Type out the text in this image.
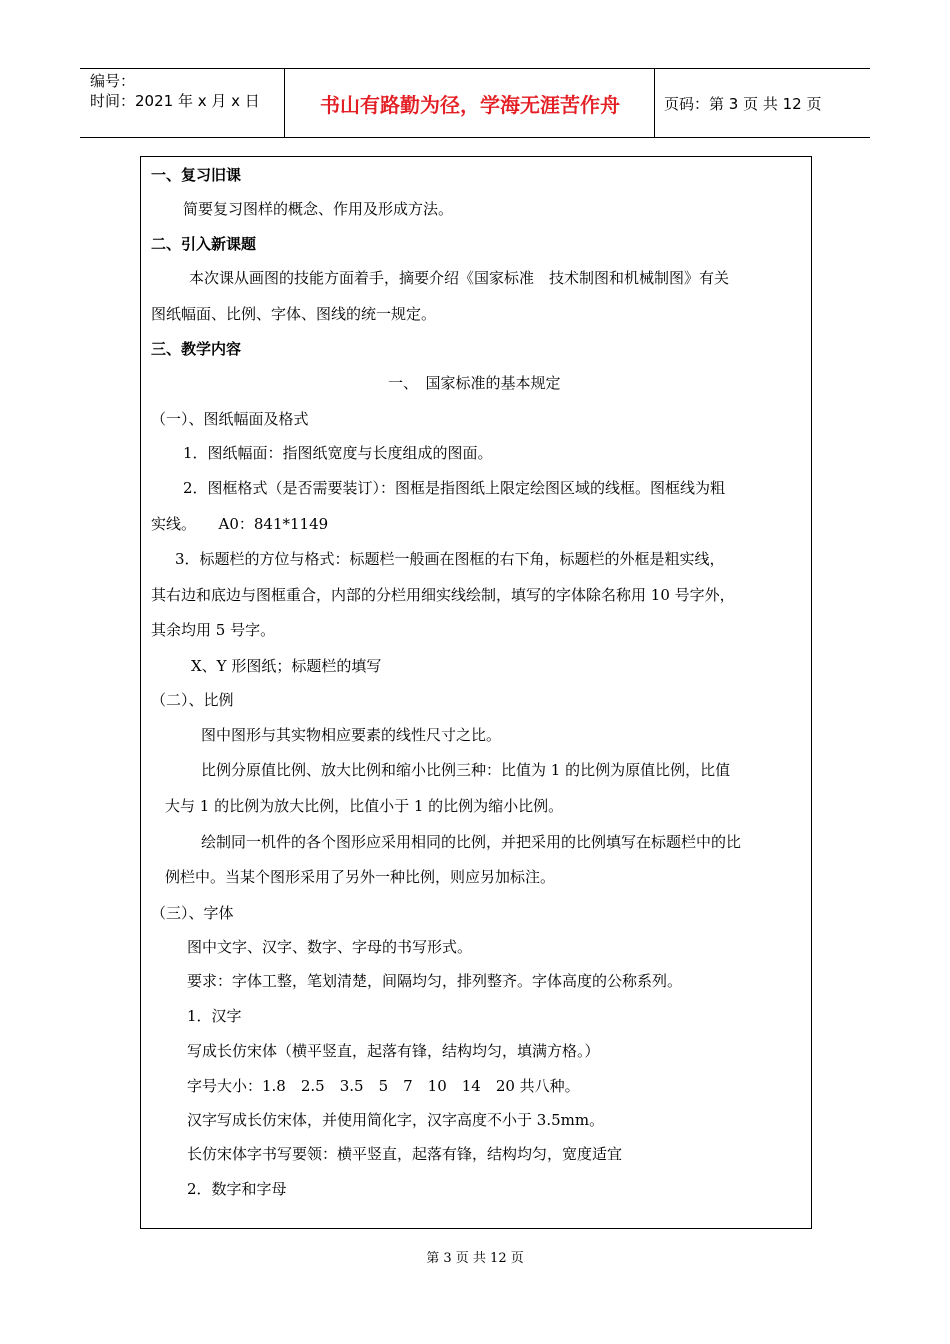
编号：
时间：2021 年 x 月 x 日	书山有路勤为径，学海无涯苦作舟	页码：第 3 页 共 12 页
一、复习旧课
简要复习图样的概念、作用及形成方法。
二、引入新课题
本次课从画图的技能方面着手，摘要介绍《国家标准　技术制图和机械制图》有关
图纸幅面、比例、字体、图线的统一规定。
三、教学内容
一、　国家标准的基本规定
（一）、图纸幅面及格式
1．图纸幅面：指图纸宽度与长度组成的图面。
2．图框格式（是否需要装订）：图框是指图纸上限定绘图区域的线框。图框线为粗
实线。　　A0：841*1149
3．标题栏的方位与格式：标题栏一般画在图框的右下角，标题栏的外框是粗实线，
其右边和底边与图框重合，内部的分栏用细实线绘制，填写的字体除名称用 10 号字外，
其余均用 5 号字。
X、Y 形图纸；标题栏的填写
（二）、比例
图中图形与其实物相应要素的线性尺寸之比。
比例分原值比例、放大比例和缩小比例三种：比值为 1 的比例为原值比例，比值
大与 1 的比例为放大比例，比值小于 1 的比例为缩小比例。
绘制同一机件的各个图形应采用相同的比例，并把采用的比例填写在标题栏中的比
例栏中。当某个图形采用了另外一种比例，则应另加标注。
（三）、字体
图中文字、汉字、数字、字母的书写形式。
要求：字体工整，笔划清楚，间隔均匀，排列整齐。字体高度的公称系列。
1．汉字
写成长仿宋体（横平竖直，起落有锋，结构均匀，填满方格。）
字号大小：1.8　2.5　3.5　5　7　10　14　20 共八种。
汉字写成长仿宋体，并使用简化字，汉字高度不小于 3.5mm。
长仿宋体字书写要领：横平竖直，起落有锋，结构均匀，宽度适宜
2．数字和字母
第 3 页 共 12 页
